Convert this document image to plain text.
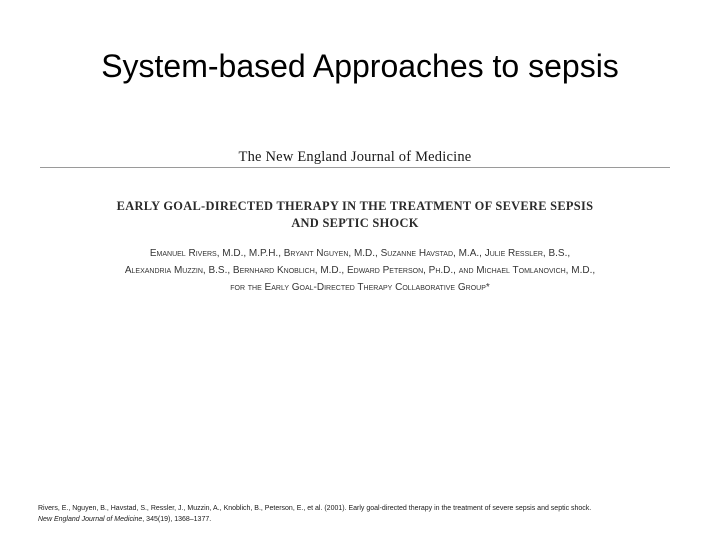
System-based Approaches to sepsis
The New England Journal of Medicine
EARLY GOAL-DIRECTED THERAPY IN THE TREATMENT OF SEVERE SEPSIS
AND SEPTIC SHOCK
Emanuel Rivers, M.D., M.P.H., Bryant Nguyen, M.D., Suzanne Havstad, M.A., Julie Ressler, B.S.,
Alexandria Muzzin, B.S., Bernhard Knoblich, M.D., Edward Peterson, Ph.D., and Michael Tomlanovich, M.D.,
for the Early Goal-Directed Therapy Collaborative Group*
Rivers, E., Nguyen, B., Havstad, S., Ressler, J., Muzzin, A., Knoblich, B., Peterson, E., et al. (2001). Early goal-directed therapy in the treatment of severe sepsis and septic shock.
New England Journal of Medicine, 345(19), 1368–1377.
